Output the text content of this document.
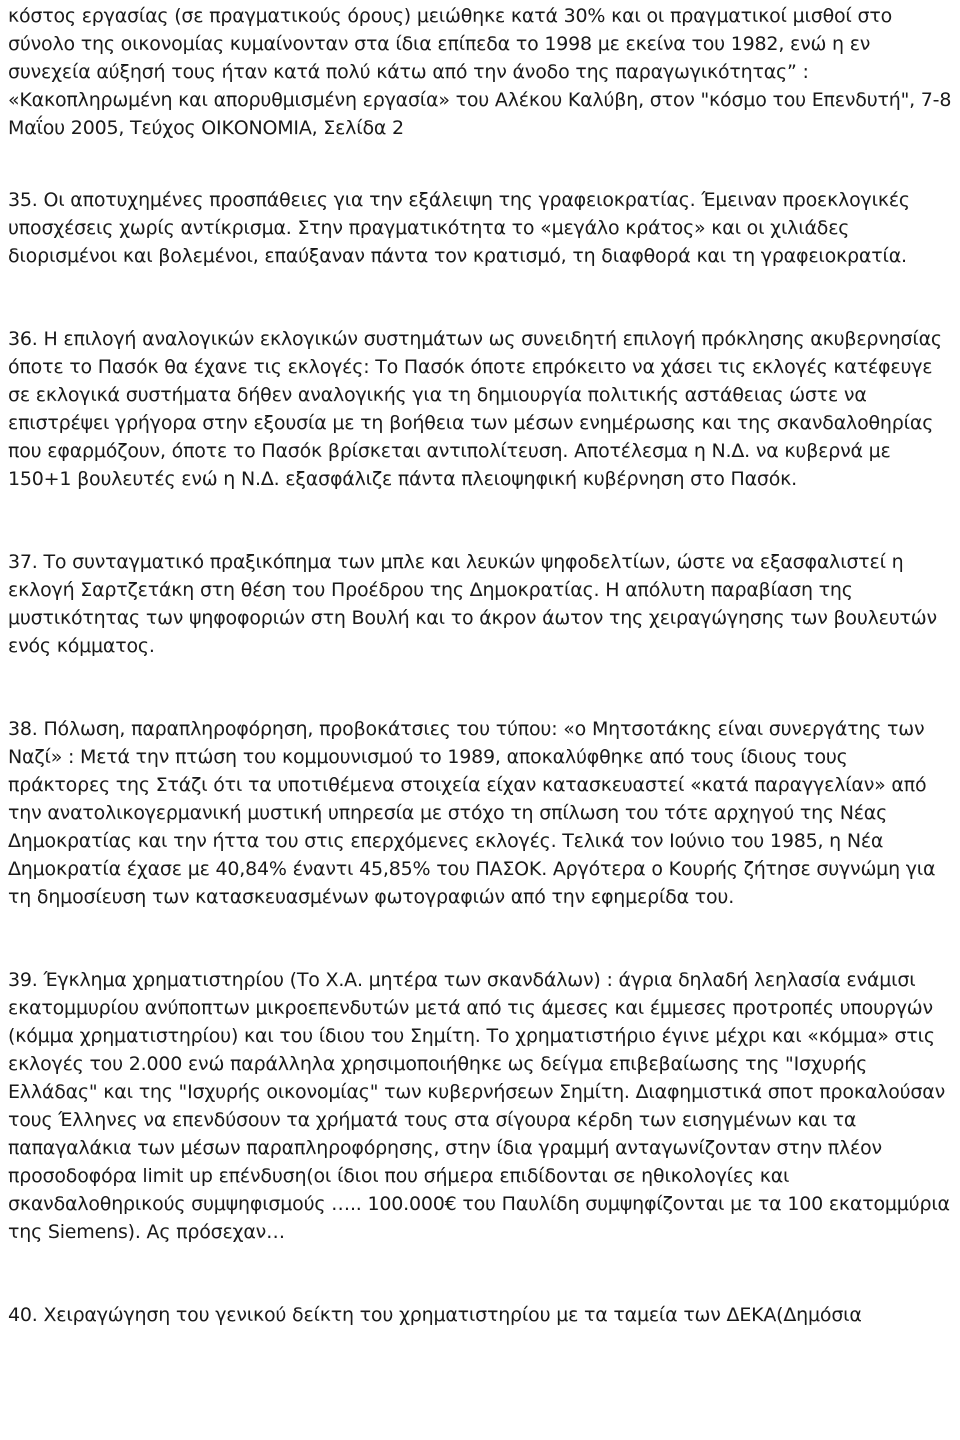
κόστος εργασίας (σε πραγματικούς όρους) μειώθηκε κατά 30% και οι πραγματικοί μισθοί στο σύνολο της οικονομίας κυμαίνονταν στα ίδια επίπεδα το 1998 με εκείνα του 1982, ενώ η εν συνεχεία αύξησή τους ήταν κατά πολύ κάτω από την άνοδο της παραγωγικότητας” : «Κακοπληρωμένη και απορυθμισμένη εργασία» του Αλέκου Καλύβη, στον "κόσμο του Επενδυτή", 7-8 Μαΐου 2005, Τεύχος ΟΙΚΟΝΟΜΙΑ, Σελίδα 2

35. Οι αποτυχημένες προσπάθειες για την εξάλειψη της γραφειοκρατίας. Έμειναν προεκλογικές υποσχέσεις χωρίς αντίκρισμα. Στην πραγματικότητα το «μεγάλο κράτος» και οι χιλιάδες διορισμένοι και βολεμένοι, επαύξαναν πάντα τον κρατισμό, τη διαφθορά και τη γραφειοκρατία.

36. Η επιλογή αναλογικών εκλογικών συστημάτων ως συνειδητή επιλογή πρόκλησης ακυβερνησίας όποτε το Πασόκ θα έχανε τις εκλογές: Το Πασόκ όποτε επρόκειτο να χάσει τις εκλογές κατέφευγε σε εκλογικά συστήματα δήθεν αναλογικής για τη δημιουργία πολιτικής αστάθειας ώστε να επιστρέψει γρήγορα στην εξουσία με τη βοήθεια των μέσων ενημέρωσης και της σκανδαλοθηρίας που εφαρμόζουν, όποτε το Πασόκ βρίσκεται αντιπολίτευση. Αποτέλεσμα η Ν.Δ. να κυβερνά με 150+1 βουλευτές ενώ η Ν.Δ. εξασφάλιζε πάντα πλειοψηφική κυβέρνηση στο Πασόκ.

37. Το συνταγματικό πραξικόπημα των μπλε και λευκών ψηφοδελτίων, ώστε να εξασφαλιστεί η εκλογή Σαρτζετάκη στη θέση του Προέδρου της Δημοκρατίας. Η απόλυτη παραβίαση της μυστικότητας των ψηφοφοριών στη Βουλή και το άκρον άωτον της χειραγώγησης των βουλευτών ενός κόμματος.

38. Πόλωση, παραπληροφόρηση, προβοκάτσιες του τύπου: «ο Μητσοτάκης είναι συνεργάτης των Ναζί» : Μετά την πτώση του κομμουνισμού το 1989, αποκαλύφθηκε από τους ίδιους τους πράκτορες της Στάζι ότι τα υποτιθέμενα στοιχεία είχαν κατασκευαστεί «κατά παραγγελίαν» από την ανατολικογερμανική μυστική υπηρεσία με στόχο τη σπίλωση του τότε αρχηγού της Νέας Δημοκρατίας και την ήττα του στις επερχόμενες εκλογές. Τελικά τον Ιούνιο του 1985, η Νέα Δημοκρατία έχασε με 40,84% έναντι 45,85% του ΠΑΣΟΚ. Αργότερα ο Κουρής ζήτησε συγνώμη για τη δημοσίευση των κατασκευασμένων φωτογραφιών από την εφημερίδα του.

39. Έγκλημα χρηματιστηρίου (Το Χ.Α. μητέρα των σκανδάλων) : άγρια δηλαδή λεηλασία ενάμισι εκατομμυρίου ανύποπτων μικροεπενδυτών μετά από τις άμεσες και έμμεσες προτροπές υπουργών (κόμμα χρηματιστηρίου) και του ίδιου του Σημίτη. Το χρηματιστήριο έγινε μέχρι και «κόμμα» στις εκλογές του 2.000 ενώ παράλληλα χρησιμοποιήθηκε ως δείγμα επιβεβαίωσης της "Ισχυρής Ελλάδας" και της "Ισχυρής οικονομίας" των κυβερνήσεων Σημίτη. Διαφημιστικά σποτ προκαλούσαν τους Έλληνες να επενδύσουν τα χρήματά τους στα σίγουρα κέρδη των εισηγμένων και τα παπαγαλάκια των μέσων παραπληροφόρησης, στην ίδια γραμμή ανταγωνίζονταν στην πλέον προσοδοφόρα limit up επένδυση(οι ίδιοι που σήμερα επιδίδονται σε ηθικολογίες και σκανδαλοθηρικούς συμψηφισμούς ….. 100.000€ του Παυλίδη συμψηφίζονται με τα 100 εκατομμύρια της Siemens). Ας πρόσεχαν…

40. Χειραγώγηση του γενικού δείκτη του χρηματιστηρίου με τα ταμεία των ΔΕΚΑ(Δημόσια
